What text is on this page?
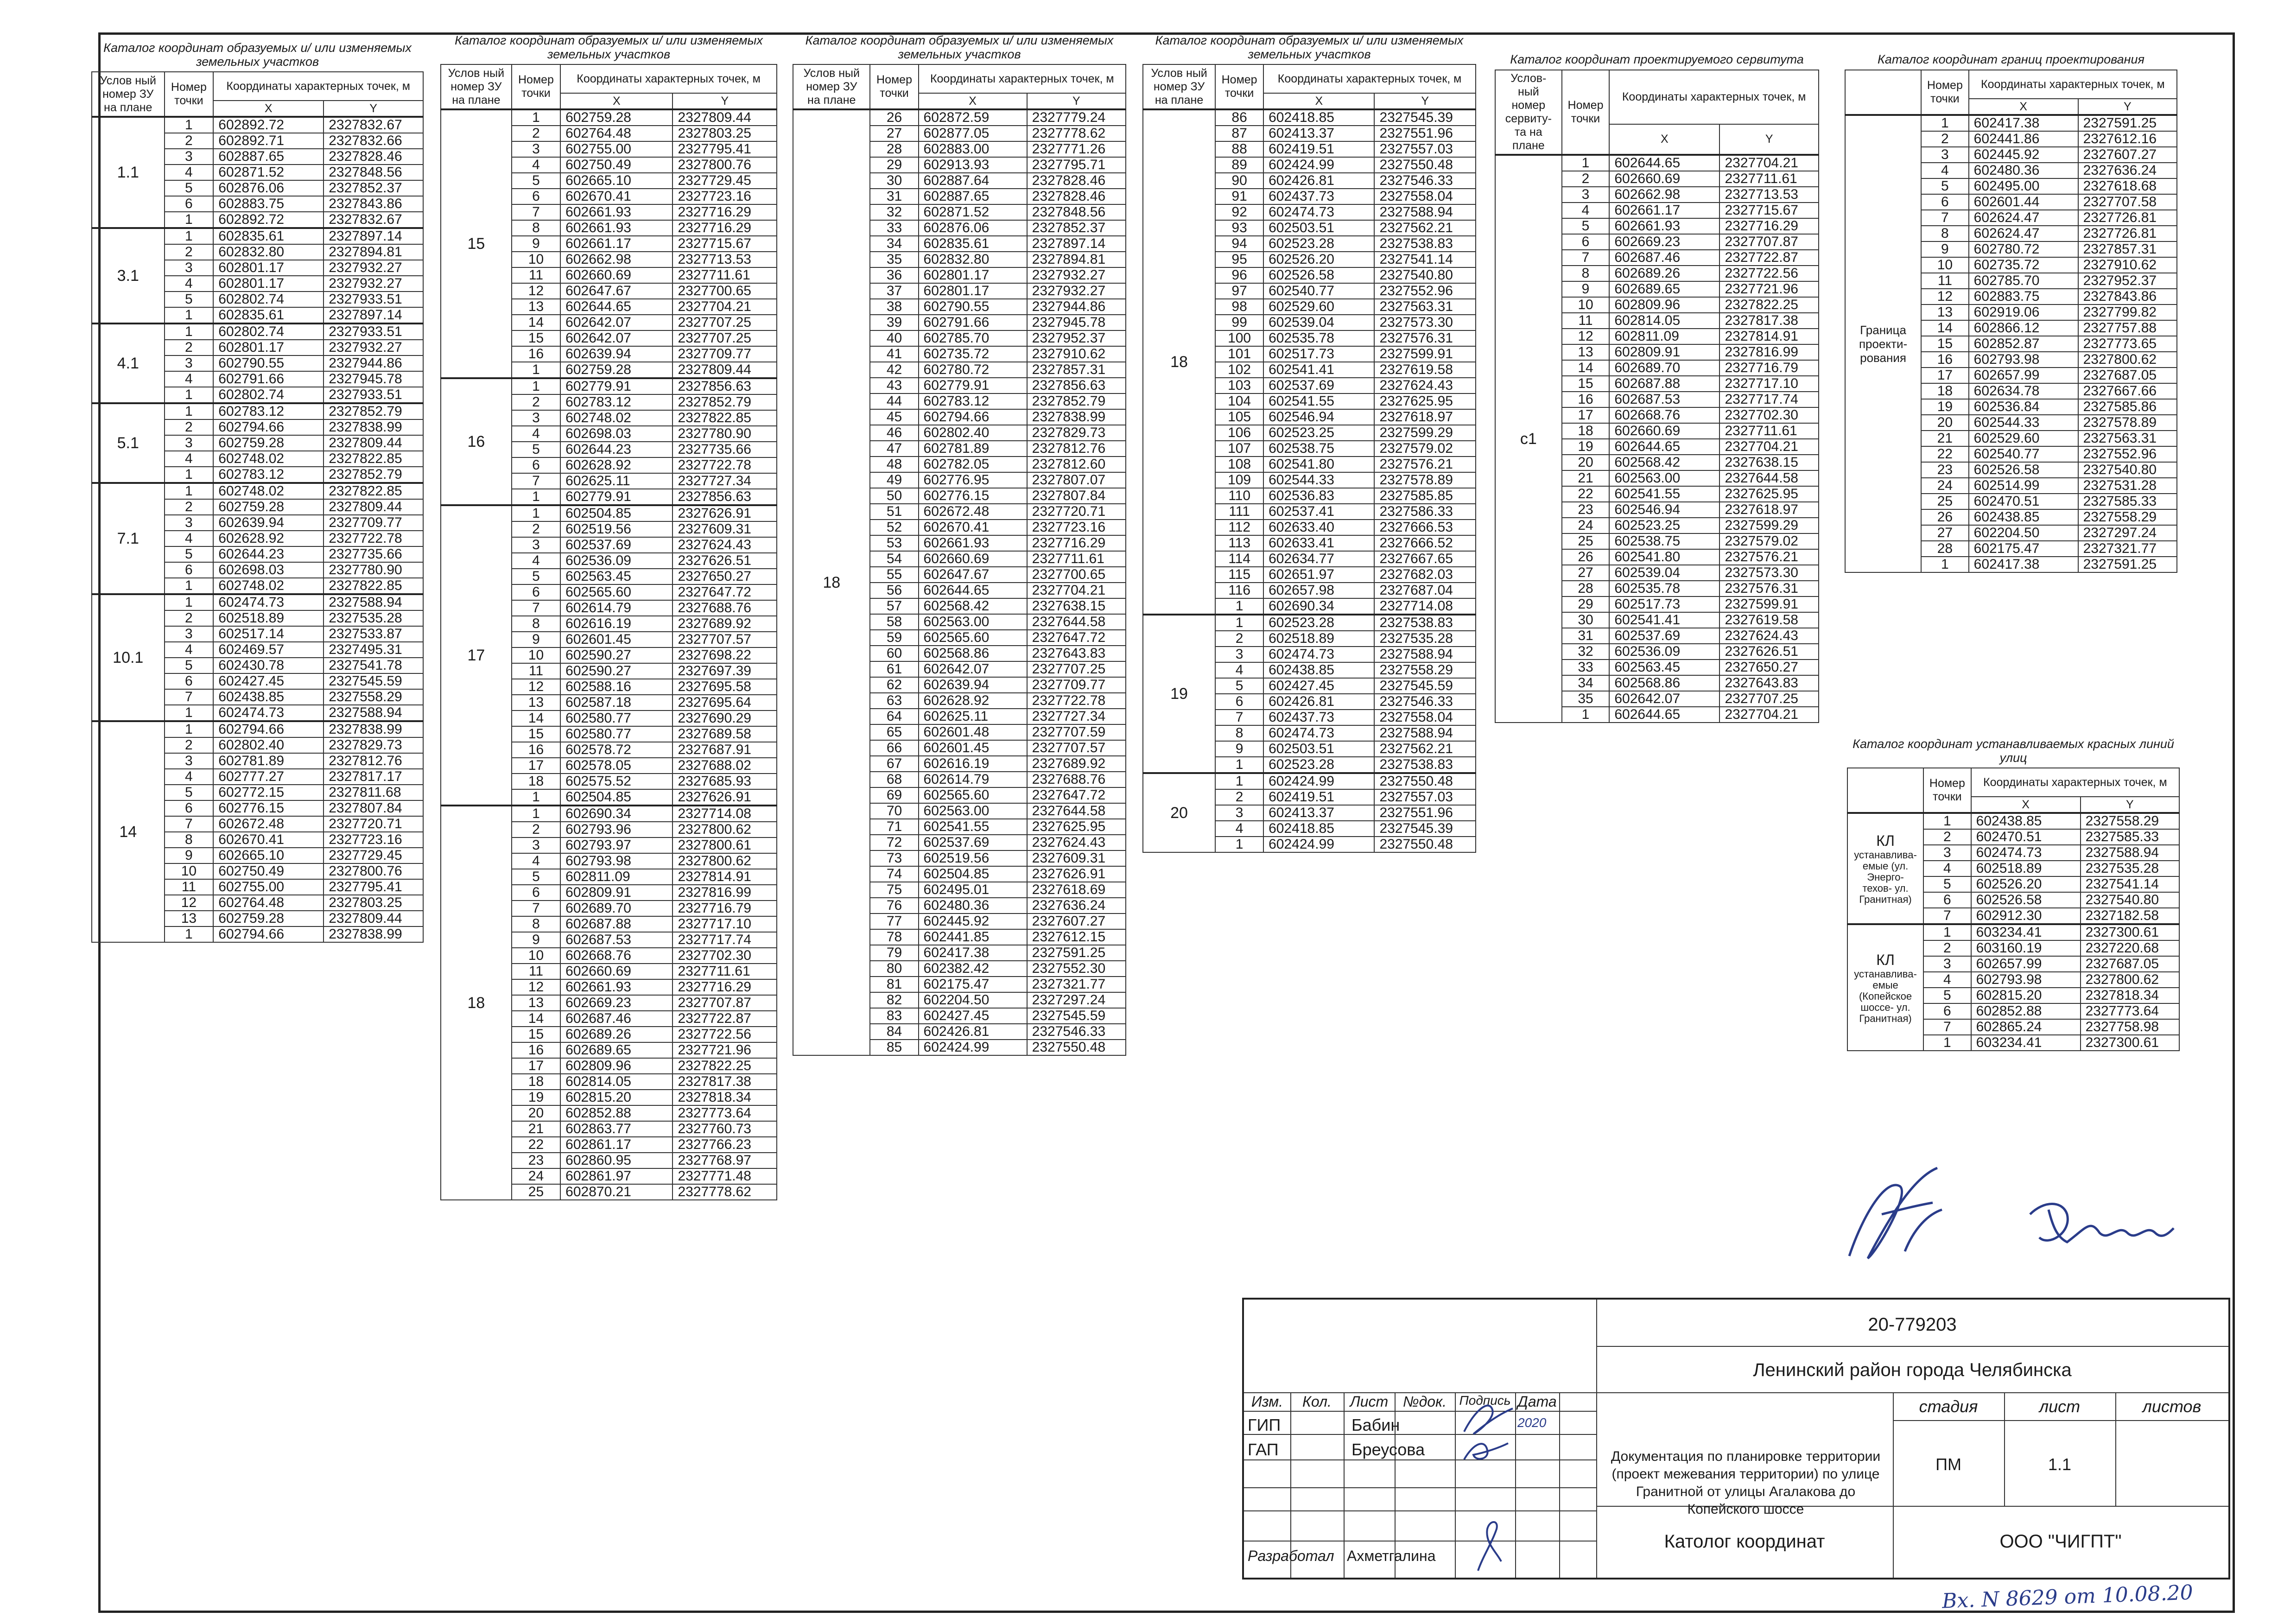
Каталог координат образуемых и/ или изменяемых земельных участков			
Услов ный номер ЗУ на плане	Номер точки	Координаты характерных точек, м	
		X	Y
1.1	1	602892.72	2327832.67
	2	602892.71	2327832.66
	3	602887.65	2327828.46
	4	602871.52	2327848.56
	5	602876.06	2327852.37
	6	602883.75	2327843.86
	1	602892.72	2327832.67
3.1	1	602835.61	2327897.14
	2	602832.80	2327894.81
	3	602801.17	2327932.27
	4	602801.17	2327932.27
	5	602802.74	2327933.51
	1	602835.61	2327897.14
4.1	1	602802.74	2327933.51
	2	602801.17	2327932.27
	3	602790.55	2327944.86
	4	602791.66	2327945.78
	1	602802.74	2327933.51
5.1	1	602783.12	2327852.79
	2	602794.66	2327838.99
	3	602759.28	2327809.44
	4	602748.02	2327822.85
	1	602783.12	2327852.79
7.1	1	602748.02	2327822.85
	2	602759.28	2327809.44
	3	602639.94	2327709.77
	4	602628.92	2327722.78
	5	602644.23	2327735.66
	6	602698.03	2327780.90
	1	602748.02	2327822.85
10.1	1	602474.73	2327588.94
	2	602518.89	2327535.28
	3	602517.14	2327533.87
	4	602469.57	2327495.31
	5	602430.78	2327541.78
	6	602427.45	2327545.59
	7	602438.85	2327558.29
	1	602474.73	2327588.94
14	1	602794.66	2327838.99
	2	602802.40	2327829.73
	3	602781.89	2327812.76
	4	602777.27	2327817.17
	5	602772.15	2327811.68
	6	602776.15	2327807.84
	7	602672.48	2327720.71
	8	602670.41	2327723.16
	9	602665.10	2327729.45
	10	602750.49	2327800.76
	11	602755.00	2327795.41
	12	602764.48	2327803.25
	13	602759.28	2327809.44
	1	602794.66	2327838.99
Каталог координат образуемых и/ или изменяемых земельных участков			
Услов ный номер ЗУ на плане	Номер точки	Координаты характерных точек, м	
		X	Y
15	1	602759.28	2327809.44
	2	602764.48	2327803.25
	3	602755.00	2327795.41
	4	602750.49	2327800.76
	5	602665.10	2327729.45
	6	602670.41	2327723.16
	7	602661.93	2327716.29
	8	602661.93	2327716.29
	9	602661.17	2327715.67
	10	602662.98	2327713.53
	11	602660.69	2327711.61
	12	602647.67	2327700.65
	13	602644.65	2327704.21
	14	602642.07	2327707.25
	15	602642.07	2327707.25
	16	602639.94	2327709.77
	1	602759.28	2327809.44
16	1	602779.91	2327856.63
	2	602783.12	2327852.79
	3	602748.02	2327822.85
	4	602698.03	2327780.90
	5	602644.23	2327735.66
	6	602628.92	2327722.78
	7	602625.11	2327727.34
	1	602779.91	2327856.63
17	1	602504.85	2327626.91
	2	602519.56	2327609.31
	3	602537.69	2327624.43
	4	602536.09	2327626.51
	5	602563.45	2327650.27
	6	602565.60	2327647.72
	7	602614.79	2327688.76
	8	602616.19	2327689.92
	9	602601.45	2327707.57
	10	602590.27	2327698.22
	11	602590.27	2327697.39
	12	602588.16	2327695.58
	13	602587.18	2327695.64
	14	602580.77	2327690.29
	15	602580.77	2327689.58
	16	602578.72	2327687.91
	17	602578.05	2327688.02
	18	602575.52	2327685.93
	1	602504.85	2327626.91
18	1	602690.34	2327714.08
	2	602793.96	2327800.62
	3	602793.97	2327800.61
	4	602793.98	2327800.62
	5	602811.09	2327814.91
	6	602809.91	2327816.99
	7	602689.70	2327716.79
	8	602687.88	2327717.10
	9	602687.53	2327717.74
	10	602668.76	2327702.30
	11	602660.69	2327711.61
	12	602661.93	2327716.29
	13	602669.23	2327707.87
	14	602687.46	2327722.87
	15	602689.26	2327722.56
	16	602689.65	2327721.96
	17	602809.96	2327822.25
	18	602814.05	2327817.38
	19	602815.20	2327818.34
	20	602852.88	2327773.64
	21	602863.77	2327760.73
	22	602861.17	2327766.23
	23	602860.95	2327768.97
	24	602861.97	2327771.48
	25	602870.21	2327778.62
Каталог координат образуемых и/ или изменяемых земельных участков			
Услов ный номер ЗУ на плане	Номер точки	Координаты характерных точек, м	
		X	Y
18	26	602872.59	2327779.24
	27	602877.05	2327778.62
	28	602883.00	2327771.26
	29	602913.93	2327795.71
	30	602887.64	2327828.46
	31	602887.65	2327828.46
	32	602871.52	2327848.56
	33	602876.06	2327852.37
	34	602835.61	2327897.14
	35	602832.80	2327894.81
	36	602801.17	2327932.27
	37	602801.17	2327932.27
	38	602790.55	2327944.86
	39	602791.66	2327945.78
	40	602785.70	2327952.37
	41	602735.72	2327910.62
	42	602780.72	2327857.31
	43	602779.91	2327856.63
	44	602783.12	2327852.79
	45	602794.66	2327838.99
	46	602802.40	2327829.73
	47	602781.89	2327812.76
	48	602782.05	2327812.60
	49	602776.95	2327807.07
	50	602776.15	2327807.84
	51	602672.48	2327720.71
	52	602670.41	2327723.16
	53	602661.93	2327716.29
	54	602660.69	2327711.61
	55	602647.67	2327700.65
	56	602644.65	2327704.21
	57	602568.42	2327638.15
	58	602563.00	2327644.58
	59	602565.60	2327647.72
	60	602568.86	2327643.83
	61	602642.07	2327707.25
	62	602639.94	2327709.77
	63	602628.92	2327722.78
	64	602625.11	2327727.34
	65	602601.48	2327707.59
	66	602601.45	2327707.57
	67	602616.19	2327689.92
	68	602614.79	2327688.76
	69	602565.60	2327647.72
	70	602563.00	2327644.58
	71	602541.55	2327625.95
	72	602537.69	2327624.43
	73	602519.56	2327609.31
	74	602504.85	2327626.91
	75	602495.01	2327618.69
	76	602480.36	2327636.24
	77	602445.92	2327607.27
	78	602441.85	2327612.15
	79	602417.38	2327591.25
	80	602382.42	2327552.30
	81	602175.47	2327321.77
	82	602204.50	2327297.24
	83	602427.45	2327545.59
	84	602426.81	2327546.33
	85	602424.99	2327550.48
Каталог координат образуемых и/ или изменяемых земельных участков			
Услов ный номер ЗУ на плане	Номер точки	Координаты характерных точек, м	
		X	Y
18	86	602418.85	2327545.39
	87	602413.37	2327551.96
	88	602419.51	2327557.03
	89	602424.99	2327550.48
	90	602426.81	2327546.33
	91	602437.73	2327558.04
	92	602474.73	2327588.94
	93	602503.51	2327562.21
	94	602523.28	2327538.83
	95	602526.20	2327541.14
	96	602526.58	2327540.80
	97	602540.77	2327552.96
	98	602529.60	2327563.31
	99	602539.04	2327573.30
	100	602535.78	2327576.31
	101	602517.73	2327599.91
	102	602541.41	2327619.58
	103	602537.69	2327624.43
	104	602541.55	2327625.95
	105	602546.94	2327618.97
	106	602523.25	2327599.29
	107	602538.75	2327579.02
	108	602541.80	2327576.21
	109	602544.33	2327578.89
	110	602536.83	2327585.85
	111	602537.41	2327586.33
	112	602633.40	2327666.53
	113	602633.41	2327666.52
	114	602634.77	2327667.65
	115	602651.97	2327682.03
	116	602657.98	2327687.04
	1	602690.34	2327714.08
19	1	602523.28	2327538.83
	2	602518.89	2327535.28
	3	602474.73	2327588.94
	4	602438.85	2327558.29
	5	602427.45	2327545.59
	6	602426.81	2327546.33
	7	602437.73	2327558.04
	8	602474.73	2327588.94
	9	602503.51	2327562.21
	1	602523.28	2327538.83
20	1	602424.99	2327550.48
	2	602419.51	2327557.03
	3	602413.37	2327551.96
	4	602418.85	2327545.39
	1	602424.99	2327550.48
Каталог координат проектируемого сервитута			
Услов- ный номер сервиту- та на плане	Номер точки	Координаты характерных точек, м	
		X	Y
с1	1	602644.65	2327704.21
	2	602660.69	2327711.61
	3	602662.98	2327713.53
	4	602661.17	2327715.67
	5	602661.93	2327716.29
	6	602669.23	2327707.87
	7	602687.46	2327722.87
	8	602689.26	2327722.56
	9	602689.65	2327721.96
	10	602809.96	2327822.25
	11	602814.05	2327817.38
	12	602811.09	2327814.91
	13	602809.91	2327816.99
	14	602689.70	2327716.79
	15	602687.88	2327717.10
	16	602687.53	2327717.74
	17	602668.76	2327702.30
	18	602660.69	2327711.61
	19	602644.65	2327704.21
	20	602568.42	2327638.15
	21	602563.00	2327644.58
	22	602541.55	2327625.95
	23	602546.94	2327618.97
	24	602523.25	2327599.29
	25	602538.75	2327579.02
	26	602541.80	2327576.21
	27	602539.04	2327573.30
	28	602535.78	2327576.31
	29	602517.73	2327599.91
	30	602541.41	2327619.58
	31	602537.69	2327624.43
	32	602536.09	2327626.51
	33	602563.45	2327650.27
	34	602568.86	2327643.83
	35	602642.07	2327707.25
	1	602644.65	2327704.21
Каталог координат границ проектирования			
	Номер точки	Координаты характерных точек, м	
		X	Y
Граница проекти- рования	1	602417.38	2327591.25
	2	602441.86	2327612.16
	3	602445.92	2327607.27
	4	602480.36	2327636.24
	5	602495.00	2327618.68
	6	602601.44	2327707.58
	7	602624.47	2327726.81
	8	602624.47	2327726.81
	9	602780.72	2327857.31
	10	602735.72	2327910.62
	11	602785.70	2327952.37
	12	602883.75	2327843.86
	13	602919.06	2327799.82
	14	602866.12	2327757.88
	15	602852.87	2327773.65
	16	602793.98	2327800.62
	17	602657.99	2327687.05
	18	602634.78	2327667.66
	19	602536.84	2327585.86
	20	602544.33	2327578.89
	21	602529.60	2327563.31
	22	602540.77	2327552.96
	23	602526.58	2327540.80
	24	602514.99	2327531.28
	25	602470.51	2327585.33
	26	602438.85	2327558.29
	27	602204.50	2327297.24
	28	602175.47	2327321.77
	1	602417.38	2327591.25
Каталог координат устанавливаемых красных линий улиц			
	Номер точки	Координаты характерных точек, м	
		X	Y

КЛ
устанавлива- емые (ул. Энерго- техов- ул. Гранитная)	1	602438.85	2327558.29
	2	602470.51	2327585.33
	3	602474.73	2327588.94
	4	602518.89	2327535.28
	5	602526.20	2327541.14
	6	602526.58	2327540.80
	7	602912.30	2327182.58

КЛ
устанавлива- емые (Копейское шоссе- ул. Гранитная)	1	603234.41	2327300.61
	2	603160.19	2327220.68
	3	602657.99	2327687.05
	4	602793.98	2327800.62
	5	602815.20	2327818.34
	6	602852.88	2327773.64
	7	602865.24	2327758.98
	1	603234.41	2327300.61
20-779203
Ленинский район города Челябинска
Документация по планировке территории (проект межевания территории) по улице Гранитной от улицы Агалакова до Копейского шоссе
Католог координат	ООО "ЧИГПТ"
стадия	лист	листов
ПМ	1.1
Изм.	Кол.	Лист №док. Подпись Дата
ГИП	Бабин
ГАП	Бреусова
Разработал Ахметгалина
2020
Вх. N 8629 от 10.08.20
